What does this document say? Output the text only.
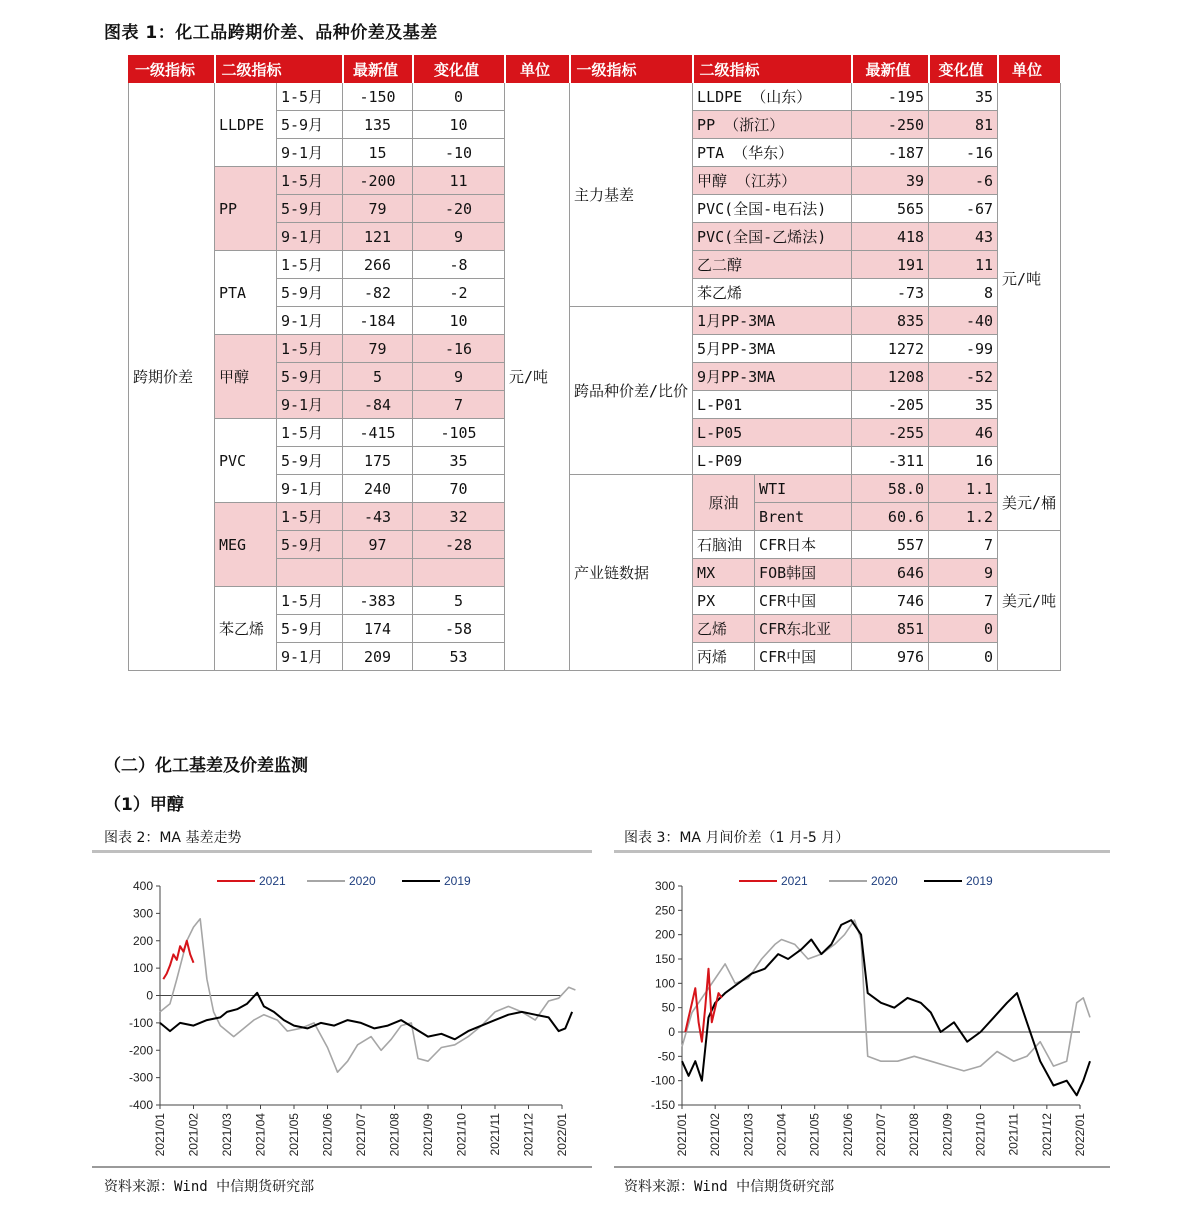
图表 1：化工品跨期价差、品种价差及基差
一级指标	二级指标		最新值	变化值	单位	一级指标	二级指标		最新值	变化值	单位
跨期价差	LLDPE	1-5月	-150	0	元/吨	主力基差	LLDPE （山东）		-195	35	元/吨
		5-9月	135	10			PP （浙江）		-250	81	
		9-1月	15	-10			PTA （华东）		-187	-16	
	PP	1-5月	-200	11			甲醇 （江苏）		39	-6	
		5-9月	79	-20			PVC(全国-电石法)		565	-67	
		9-1月	121	9			PVC(全国-乙烯法)		418	43	
	PTA	1-5月	266	-8			乙二醇		191	11	
		5-9月	-82	-2			苯乙烯		-73	8	
		9-1月	-184	10		跨品种价差/比价	1月PP-3MA		835	-40	
	甲醇	1-5月	79	-16			5月PP-3MA		1272	-99	
		5-9月	5	9			9月PP-3MA		1208	-52	
		9-1月	-84	7			L-P01		-205	35	
	PVC	1-5月	-415	-105			L-P05		-255	46	
		5-9月	175	35			L-P09		-311	16	
		9-1月	240	70		产业链数据	原油	WTI	58.0	1.1	美元/桶
	MEG	1-5月	-43	32				Brent	60.6	1.2	
		5-9月	97	-28			石脑油	CFR日本	557	7	美元/吨
							MX	FOB韩国	646	9	
	苯乙烯	1-5月	-383	5			PX	CFR中国	746	7	
		5-9月	174	-58			乙烯	CFR东北亚	851	0	
		9-1月	209	53			丙烯	CFR中国	976	0	
（二）化工基差及价差监测
（1）甲醇
图表 2：MA 基差走势	图表 3：MA 月间价差（1 月-5 月）
2021	2020	2019
-400
-300
-200
-100
0
100
200
300
400
2021/01 2021/02 2021/03 2021/04 2021/05 2021/06 2021/07 2021/08 2021/09 2021/10 2021/11 2021/12 2022/01
2021	2020	2019
-150
-100
-50
0
50
100
150
200
250
300
2021/01 2021/02 2021/03 2021/04 2021/05 2021/06 2021/07 2021/08 2021/09 2021/10 2021/11 2021/12 2022/01
资料来源：Wind 中信期货研究部	资料来源：Wind 中信期货研究部
